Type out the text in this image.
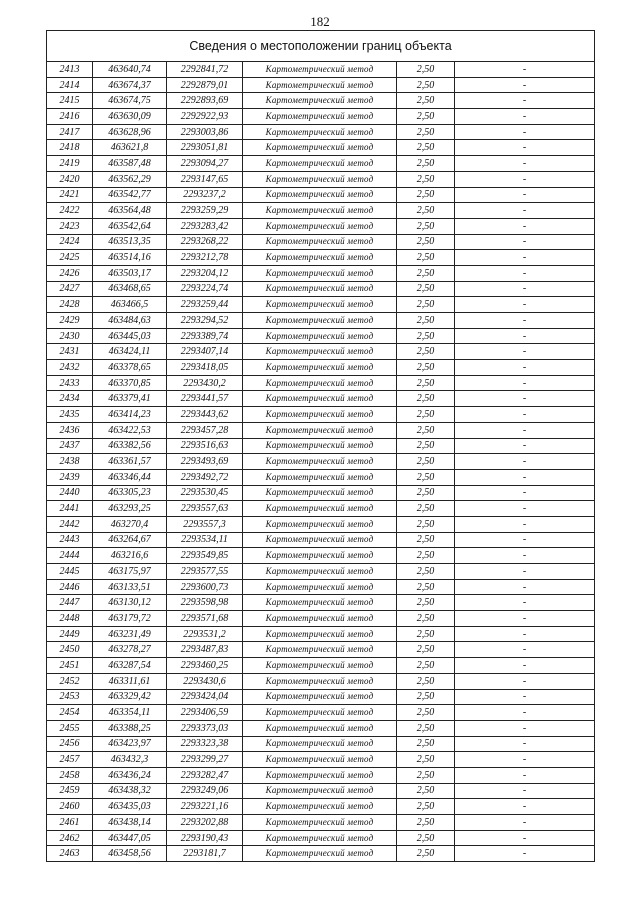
182
Сведения о местоположении границ объекта					
2413	463640,74	2292841,72	Картометрический метод	2,50	-
2414	463674,37	2292879,01	Картометрический метод	2,50	-
2415	463674,75	2292893,69	Картометрический метод	2,50	-
2416	463630,09	2292922,93	Картометрический метод	2,50	-
2417	463628,96	2293003,86	Картометрический метод	2,50	-
2418	463621,8	2293051,81	Картометрический метод	2,50	-
2419	463587,48	2293094,27	Картометрический метод	2,50	-
2420	463562,29	2293147,65	Картометрический метод	2,50	-
2421	463542,77	2293237,2	Картометрический метод	2,50	-
2422	463564,48	2293259,29	Картометрический метод	2,50	-
2423	463542,64	2293283,42	Картометрический метод	2,50	-
2424	463513,35	2293268,22	Картометрический метод	2,50	-
2425	463514,16	2293212,78	Картометрический метод	2,50	-
2426	463503,17	2293204,12	Картометрический метод	2,50	-
2427	463468,65	2293224,74	Картометрический метод	2,50	-
2428	463466,5	2293259,44	Картометрический метод	2,50	-
2429	463484,63	2293294,52	Картометрический метод	2,50	-
2430	463445,03	2293389,74	Картометрический метод	2,50	-
2431	463424,11	2293407,14	Картометрический метод	2,50	-
2432	463378,65	2293418,05	Картометрический метод	2,50	-
2433	463370,85	2293430,2	Картометрический метод	2,50	-
2434	463379,41	2293441,57	Картометрический метод	2,50	-
2435	463414,23	2293443,62	Картометрический метод	2,50	-
2436	463422,53	2293457,28	Картометрический метод	2,50	-
2437	463382,56	2293516,63	Картометрический метод	2,50	-
2438	463361,57	2293493,69	Картометрический метод	2,50	-
2439	463346,44	2293492,72	Картометрический метод	2,50	-
2440	463305,23	2293530,45	Картометрический метод	2,50	-
2441	463293,25	2293557,63	Картометрический метод	2,50	-
2442	463270,4	2293557,3	Картометрический метод	2,50	-
2443	463264,67	2293534,11	Картометрический метод	2,50	-
2444	463216,6	2293549,85	Картометрический метод	2,50	-
2445	463175,97	2293577,55	Картометрический метод	2,50	-
2446	463133,51	2293600,73	Картометрический метод	2,50	-
2447	463130,12	2293598,98	Картометрический метод	2,50	-
2448	463179,72	2293571,68	Картометрический метод	2,50	-
2449	463231,49	2293531,2	Картометрический метод	2,50	-
2450	463278,27	2293487,83	Картометрический метод	2,50	-
2451	463287,54	2293460,25	Картометрический метод	2,50	-
2452	463311,61	2293430,6	Картометрический метод	2,50	-
2453	463329,42	2293424,04	Картометрический метод	2,50	-
2454	463354,11	2293406,59	Картометрический метод	2,50	-
2455	463388,25	2293373,03	Картометрический метод	2,50	-
2456	463423,97	2293323,38	Картометрический метод	2,50	-
2457	463432,3	2293299,27	Картометрический метод	2,50	-
2458	463436,24	2293282,47	Картометрический метод	2,50	-
2459	463438,32	2293249,06	Картометрический метод	2,50	-
2460	463435,03	2293221,16	Картометрический метод	2,50	-
2461	463438,14	2293202,88	Картометрический метод	2,50	-
2462	463447,05	2293190,43	Картометрический метод	2,50	-
2463	463458,56	2293181,7	Картометрический метод	2,50	-
